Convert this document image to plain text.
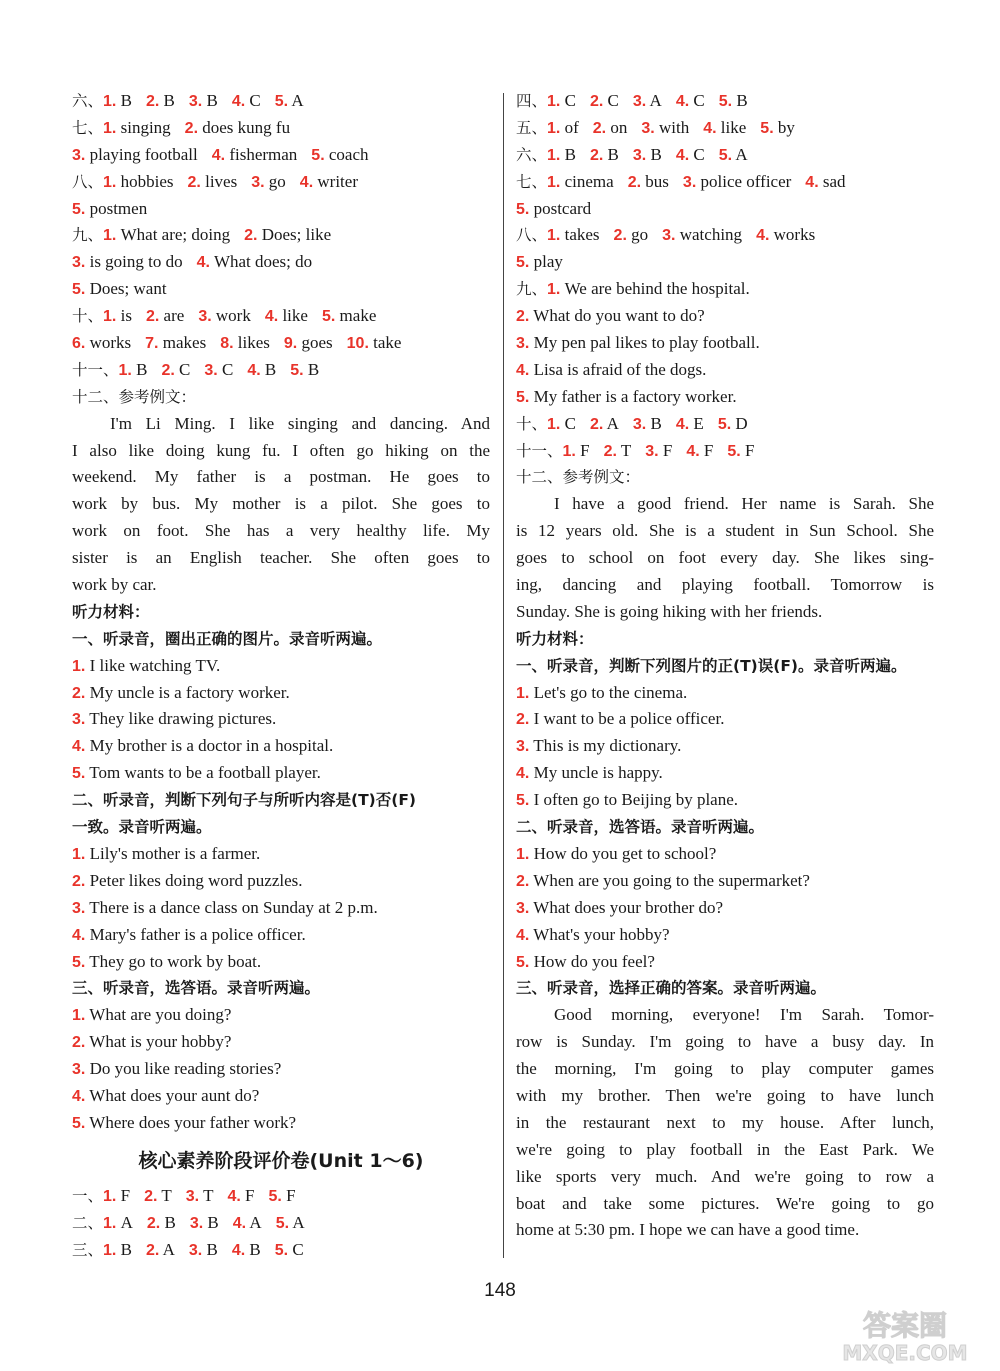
六、1. B 2. B 3. B 4. C 5. A
七、1. singing 2. does kung fu
3. playing football 4. fisherman 5. coach
八、1. hobbies 2. lives 3. go 4. writer
5. postmen
九、1. What are; doing 2. Does; like
3. is going to do 4. What does; do
5. Does; want
十、1. is 2. are 3. work 4. like 5. make
6. works 7. makes 8. likes 9. goes 10. take
十一、1. B 2. C 3. C 4. B 5. B
十二、参考例文：
I'm Li Ming. I like singing and dancing. And
I also like doing kung fu. I often go hiking on the
weekend. My father is a postman. He goes to
work by bus. My mother is a pilot. She goes to
work on foot. She has a very healthy life. My
sister is an English teacher. She often goes to
work by car.
听力材料：
一、听录音，圈出正确的图片。录音听两遍。
1. I like watching TV.
2. My uncle is a factory worker.
3. They like drawing pictures.
4. My brother is a doctor in a hospital.
5. Tom wants to be a football player.
二、听录音，判断下列句子与所听内容是(T)否(F)
一致。录音听两遍。
1. Lily's mother is a farmer.
2. Peter likes doing word puzzles.
3. There is a dance class on Sunday at 2 p.m.
4. Mary's father is a police officer.
5. They go to work by boat.
三、听录音，选答语。录音听两遍。
1. What are you doing?
2. What is your hobby?
3. Do you like reading stories?
4. What does your aunt do?
5. Where does your father work?
核心素养阶段评价卷(Unit 1～6)
一、1. F 2. T 3. T 4. F 5. F
二、1. A 2. B 3. B 4. A 5. A
三、1. B 2. A 3. B 4. B 5. C
四、1. C 2. C 3. A 4. C 5. B
五、1. of 2. on 3. with 4. like 5. by
六、1. B 2. B 3. B 4. C 5. A
七、1. cinema 2. bus 3. police officer 4. sad
5. postcard
八、1. takes 2. go 3. watching 4. works
5. play
九、1. We are behind the hospital.
2. What do you want to do?
3. My pen pal likes to play football.
4. Lisa is afraid of the dogs.
5. My father is a factory worker.
十、1. C 2. A 3. B 4. E 5. D
十一、1. F 2. T 3. F 4. F 5. F
十二、参考例文：
I have a good friend. Her name is Sarah. She
is 12 years old. She is a student in Sun School. She
goes to school on foot every day. She likes sing-
ing, dancing and playing football. Tomorrow is
Sunday. She is going hiking with her friends.
听力材料：
一、听录音，判断下列图片的正(T)误(F)。录音听两遍。
1. Let's go to the cinema.
2. I want to be a police officer.
3. This is my dictionary.
4. My uncle is happy.
5. I often go to Beijing by plane.
二、听录音，选答语。录音听两遍。
1. How do you get to school?
2. When are you going to the supermarket?
3. What does your brother do?
4. What's your hobby?
5. How do you feel?
三、听录音，选择正确的答案。录音听两遍。
Good morning, everyone! I'm Sarah. Tomor-
row is Sunday. I'm going to have a busy day. In
the morning, I'm going to play computer games
with my brother. Then we're going to have lunch
in the restaurant next to my house. After lunch,
we're going to play football in the East Park. We
like sports very much. And we're going to row a
boat and take some pictures. We're going to go
home at 5:30 pm. I hope we can have a good time.
148
答案圈
MXQE.COM
